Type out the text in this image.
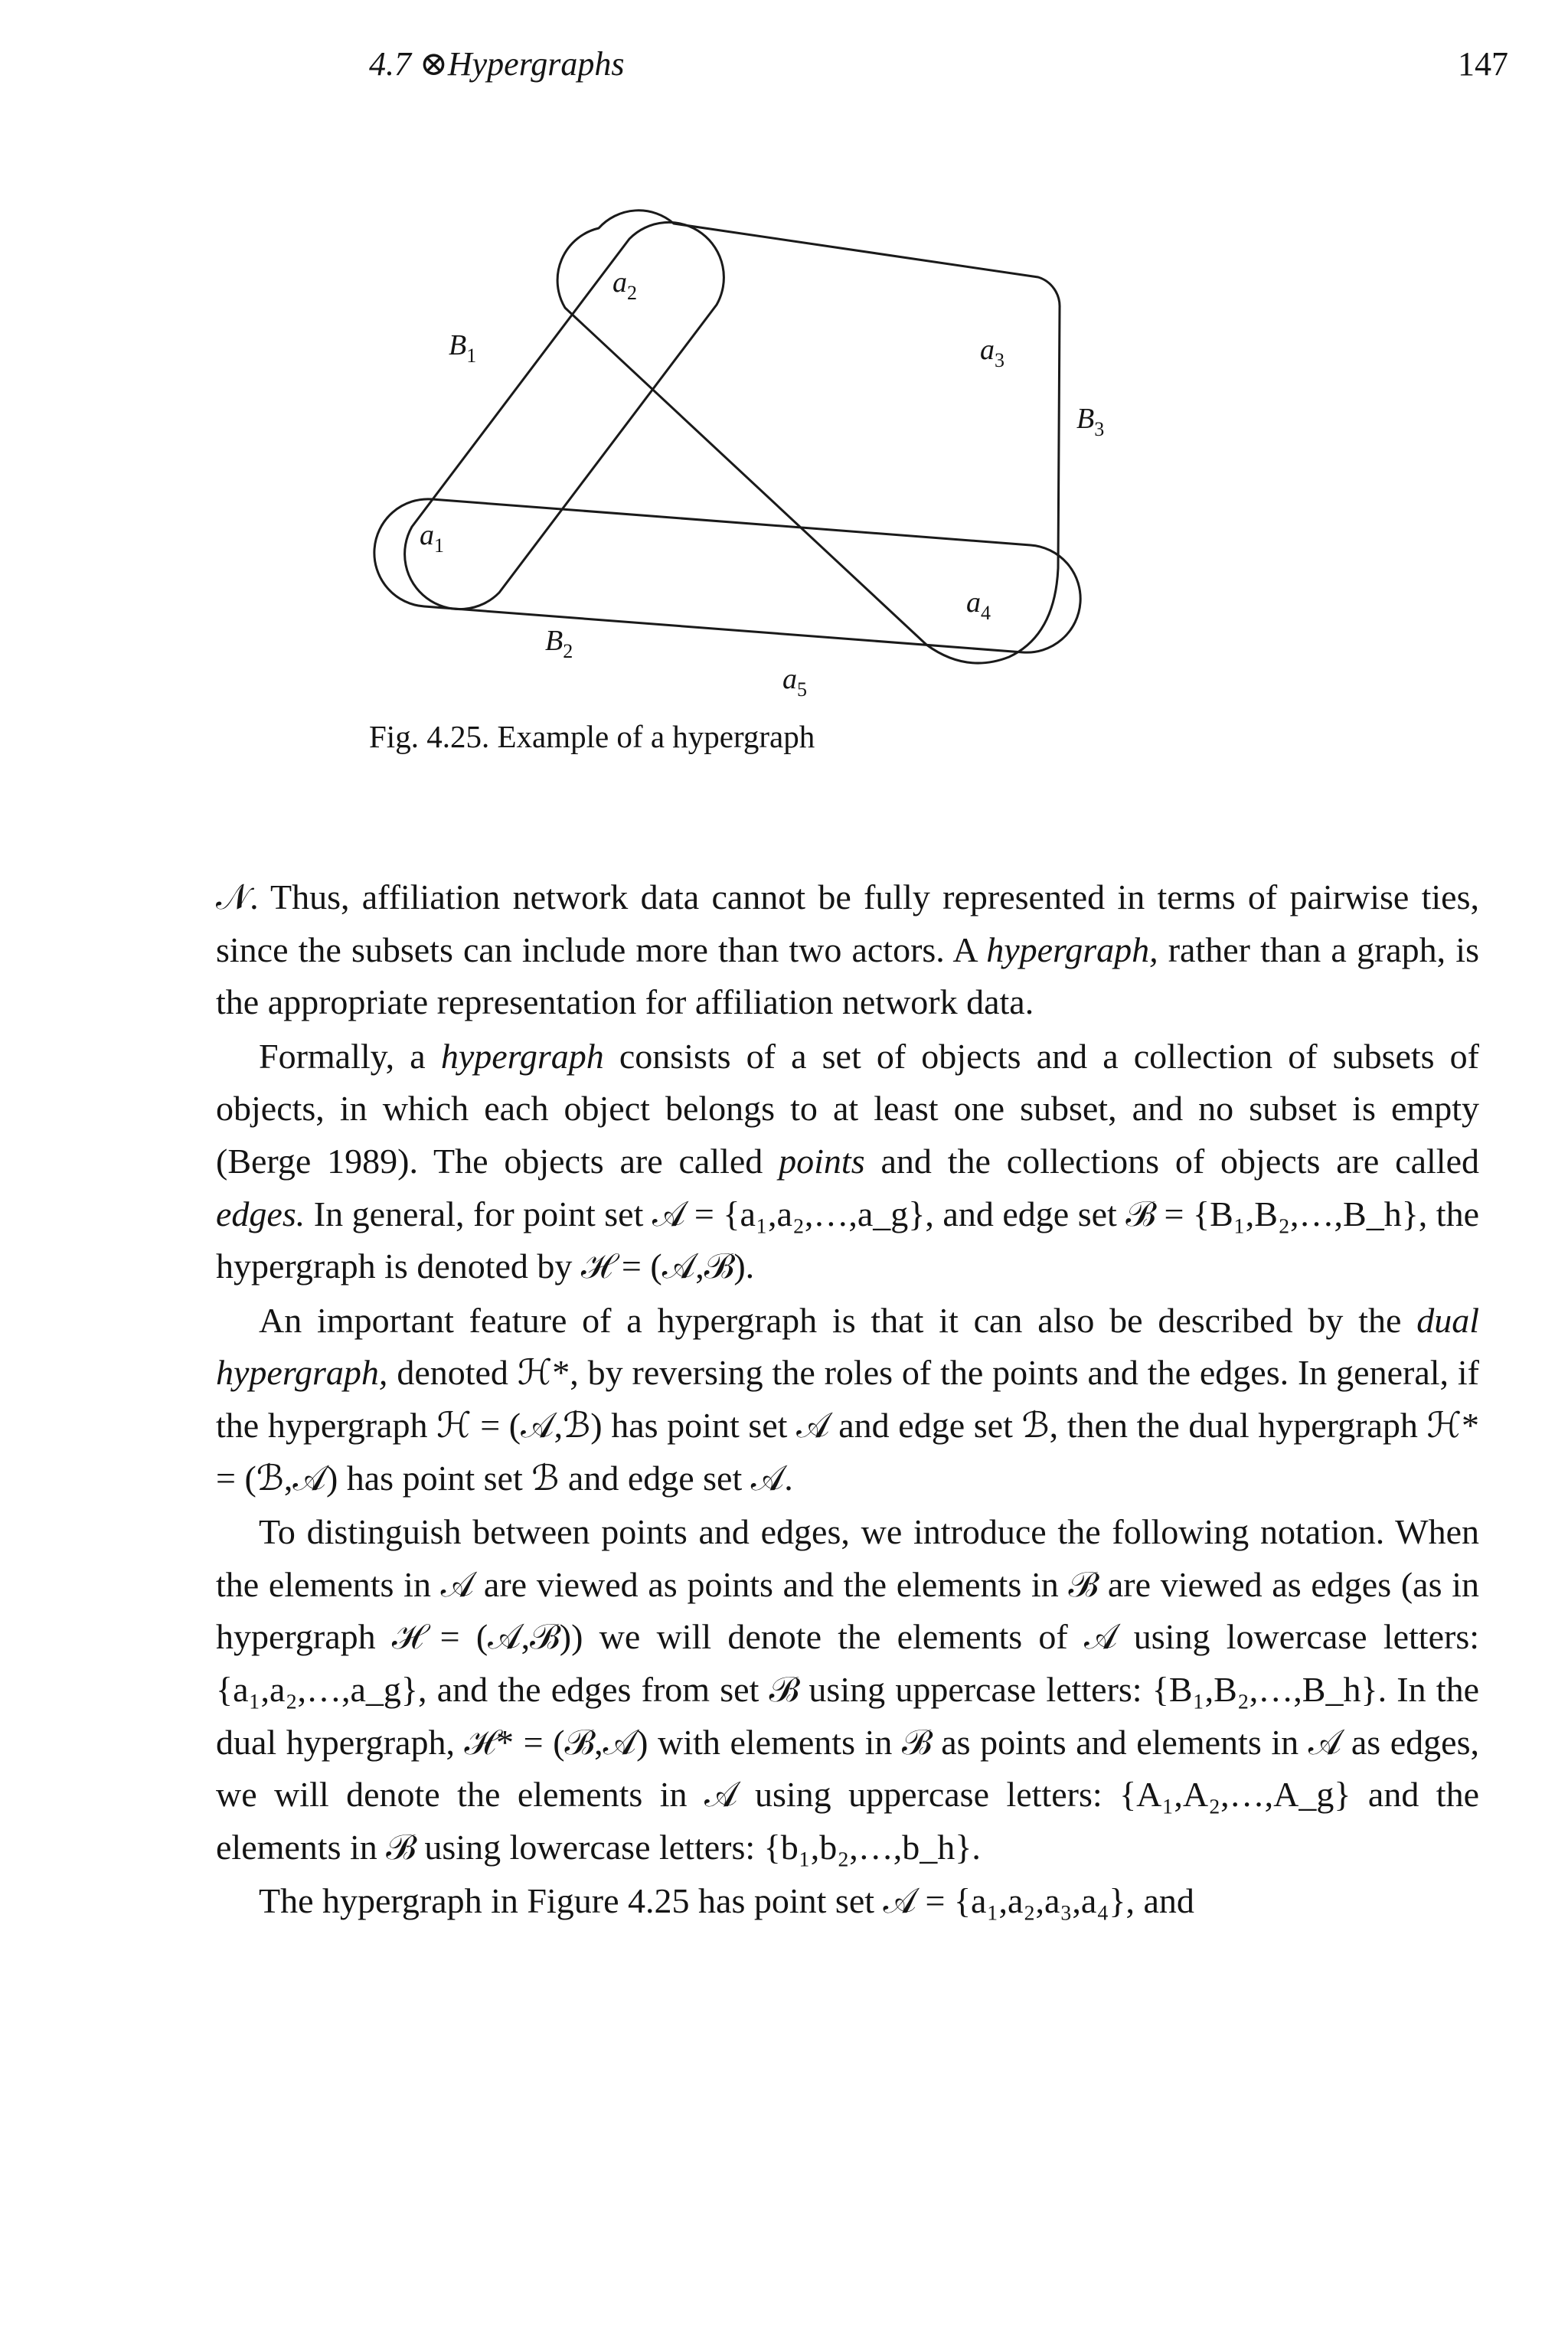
4.7 ⊗Hypergraphs	147
$a_2$
$B_1$	$a_3$
$B_3$
$a_1$
$a_4$
$B_2$
$a_5$
Fig. 4.25. Example of a hypergraph

𝒩. Thus, affiliation network data cannot be fully represented in terms of pairwise ties, since the subsets can include more than two actors. A hypergraph, rather than a graph, is the appropriate representation for affiliation network data.

Formally, a hypergraph consists of a set of objects and a collection of subsets of objects, in which each object belongs to at least one subset, and no subset is empty (Berge 1989). The objects are called points and the collections of objects are called edges. In general, for point set 𝒜 = {a₁,a₂,…,a_g}, and edge set ℬ = {B₁,B₂,…,B_h}, the hypergraph is denoted by ℋ = (𝒜,ℬ).

An important feature of a hypergraph is that it can also be described by the dual hypergraph, denoted ℋ*, by reversing the roles of the points and the edges. In general, if the hypergraph ℋ = (𝒜,ℬ) has point set 𝒜 and edge set ℬ, then the dual hypergraph ℋ* = (ℬ,𝒜) has point set ℬ and edge set 𝒜.

To distinguish between points and edges, we introduce the following notation. When the elements in 𝒜 are viewed as points and the elements in ℬ are viewed as edges (as in hypergraph ℋ = (𝒜,ℬ)) we will denote the elements of 𝒜 using lowercase letters: {a₁,a₂,…,a_g}, and the edges from set ℬ using uppercase letters: {B₁,B₂,…,B_h}. In the dual hypergraph, ℋ* = (ℬ,𝒜) with elements in ℬ as points and elements in 𝒜 as edges, we will denote the elements in 𝒜 using uppercase letters: {A₁,A₂,…,A_g} and the elements in ℬ using lowercase letters: {b₁,b₂,…,b_h}.

The hypergraph in Figure 4.25 has point set 𝒜 = {a₁,a₂,a₃,a₄}, and
